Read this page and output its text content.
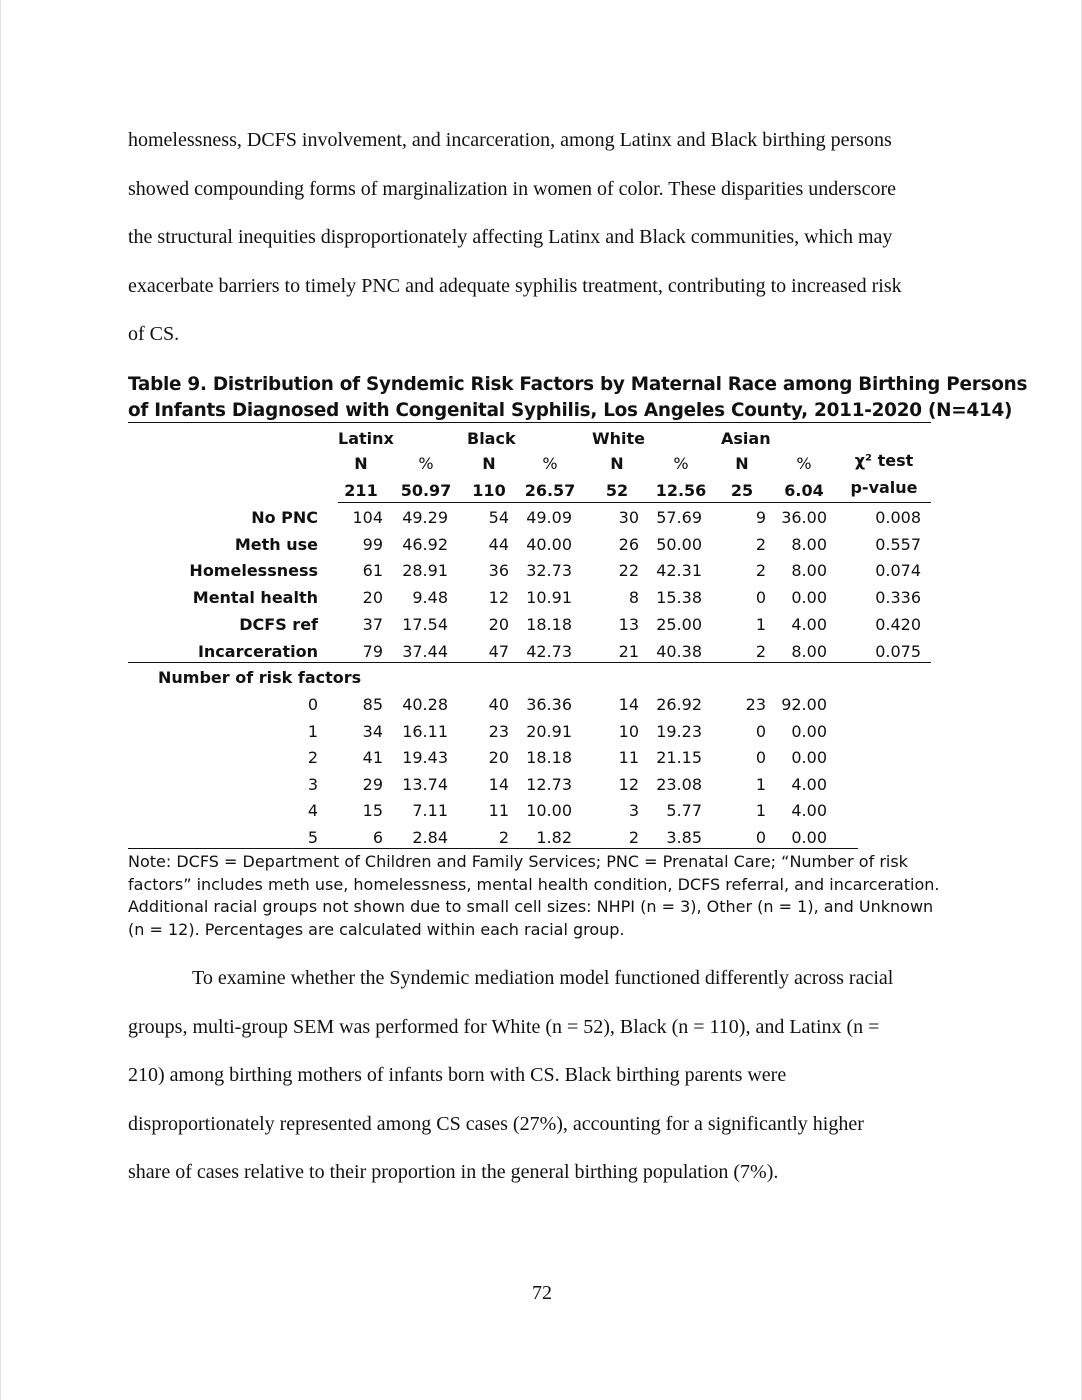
homelessness, DCFS involvement, and incarceration, among Latinx and Black birthing persons
showed compounding forms of marginalization in women of color. These disparities underscore
the structural inequities disproportionately affecting Latinx and Black communities, which may
exacerbate barriers to timely PNC and adequate syphilis treatment, contributing to increased risk
of CS.

Table 9. Distribution of Syndemic Risk Factors by Maternal Race among Birthing Persons
of Infants Diagnosed with Congenital Syphilis, Los Angeles County, 2011-2020 (N=414)
Latinx	Black	White	Asian
N	%	N	%	N	%	N	%	χ² test
211	50.97	110	26.57	52	12.56	25	6.04	p-value
No PNC	104	49.29	54	49.09	30	57.69	9 36.00	0.008
Meth use	99	46.92	44	40.00	26	50.00	2	8.00	0.557
Homelessness	61	28.91	36	32.73	22	42.31	2	8.00	0.074
Mental health	20	9.48	12	10.91	8	15.38	0	0.00	0.336
DCFS ref	37	17.54	20	18.18	13	25.00	1	4.00	0.420
Incarceration	79	37.44	47	42.73	21	40.38	2	8.00	0.075
Number of risk factors
0	85	40.28	40	36.36	14	26.92	23 92.00
1	34	16.11	23	20.91	10	19.23	0	0.00
2	41	19.43	20	18.18	11	21.15	0	0.00
3	29	13.74	14	12.73	12	23.08	1	4.00
4	15	7.11	11	10.00	3	5.77	1	4.00
5	6	2.84	2	1.82	2	3.85	0	0.00
Note: DCFS = Department of Children and Family Services; PNC = Prenatal Care; “Number of risk
factors” includes meth use, homelessness, mental health condition, DCFS referral, and incarceration.
Additional racial groups not shown due to small cell sizes: NHPI (n = 3), Other (n = 1), and Unknown
(n = 12). Percentages are calculated within each racial group.

To examine whether the Syndemic mediation model functioned differently across racial
groups, multi-group SEM was performed for White (n = 52), Black (n = 110), and Latinx (n =
210) among birthing mothers of infants born with CS. Black birthing parents were
disproportionately represented among CS cases (27%), accounting for a significantly higher
share of cases relative to their proportion in the general birthing population (7%).

72
